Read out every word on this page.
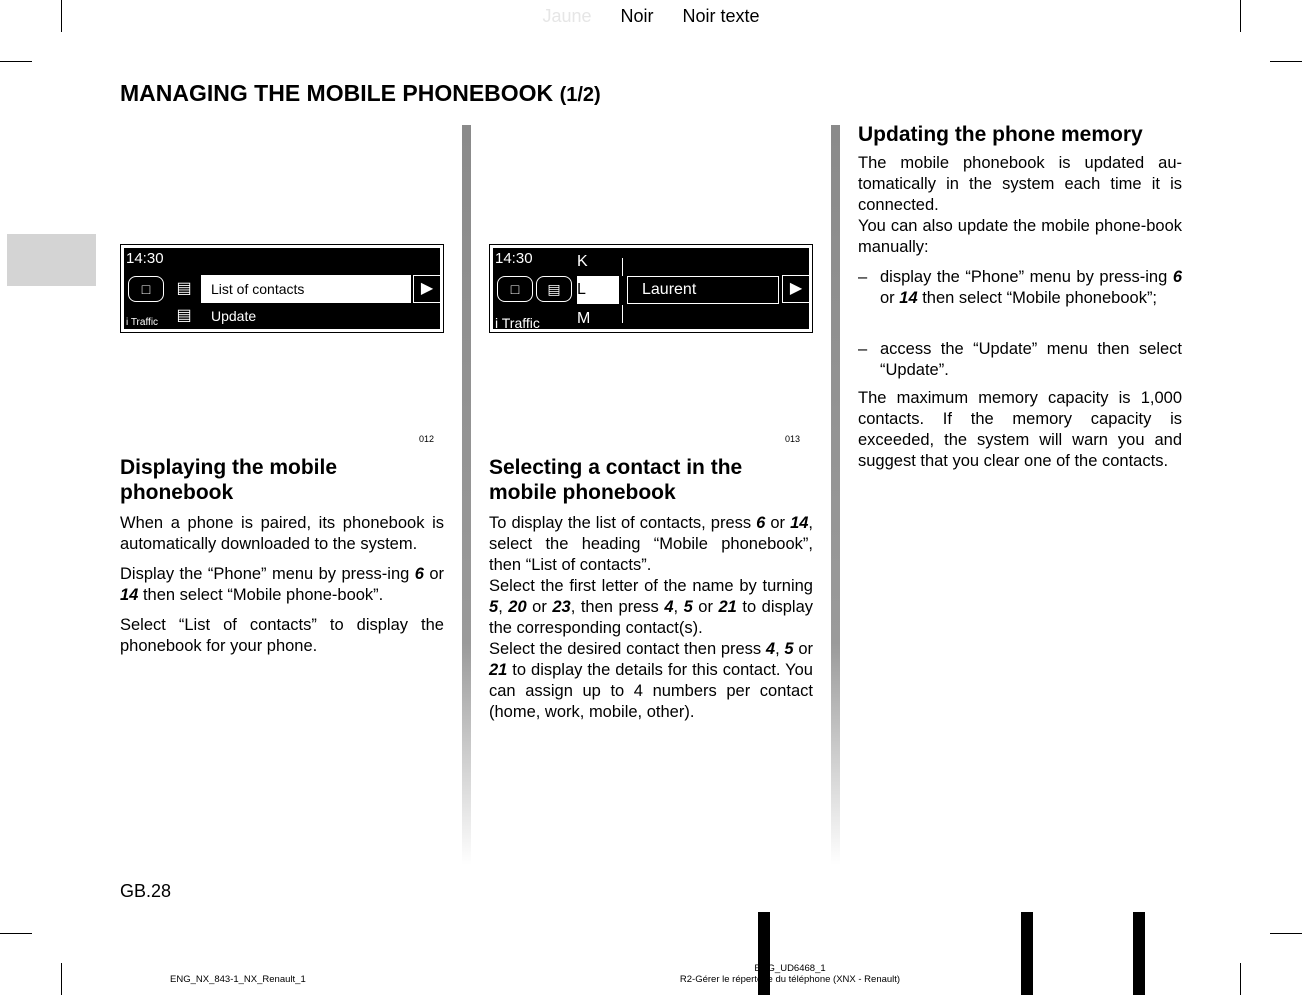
Jaune Noir Noir texte
MANAGING THE MOBILE PHONEBOOK (1/2)
14:30
□
i Traffic
▤	List of contacts	▶
▤	Update
012
14:30
□	▤
i Traffic
K
L
M
Laurent	▶
013
Displaying the mobile phonebook
When a phone is paired, its phonebook is automatically downloaded to the system.
Display the “Phone” menu by press-ing 6 or 14 then select “Mobile phone-book”.
Select “List of contacts” to display the phonebook for your phone.
Selecting a contact in the mobile phonebook
To display the list of contacts, press 6 or 14, select the heading “Mobile phonebook”, then “List of contacts”.
Select the first letter of the name by turning 5, 20 or 23, then press 4, 5 or 21 to display the corresponding contact(s).
Select the desired contact then press 4, 5 or 21 to display the details for this contact. You can assign up to 4 numbers per contact (home, work, mobile, other).
Updating the phone memory
The mobile phonebook is updated au-tomatically in the system each time it is connected.
You can also update the mobile phone-book manually:
– display the “Phone” menu by press-ing 6 or 14 then select “Mobile phonebook”;
– access the “Update” menu then select “Update”.
The maximum memory capacity is 1,000 contacts. If the memory capacity is exceeded, the system will warn you and suggest that you clear one of the contacts.
GB.28
ENG_NX_843-1_NX_Renault_1
ENG_UD6468_1
R2-Gérer le répertoire du téléphone (XNX - Renault)
